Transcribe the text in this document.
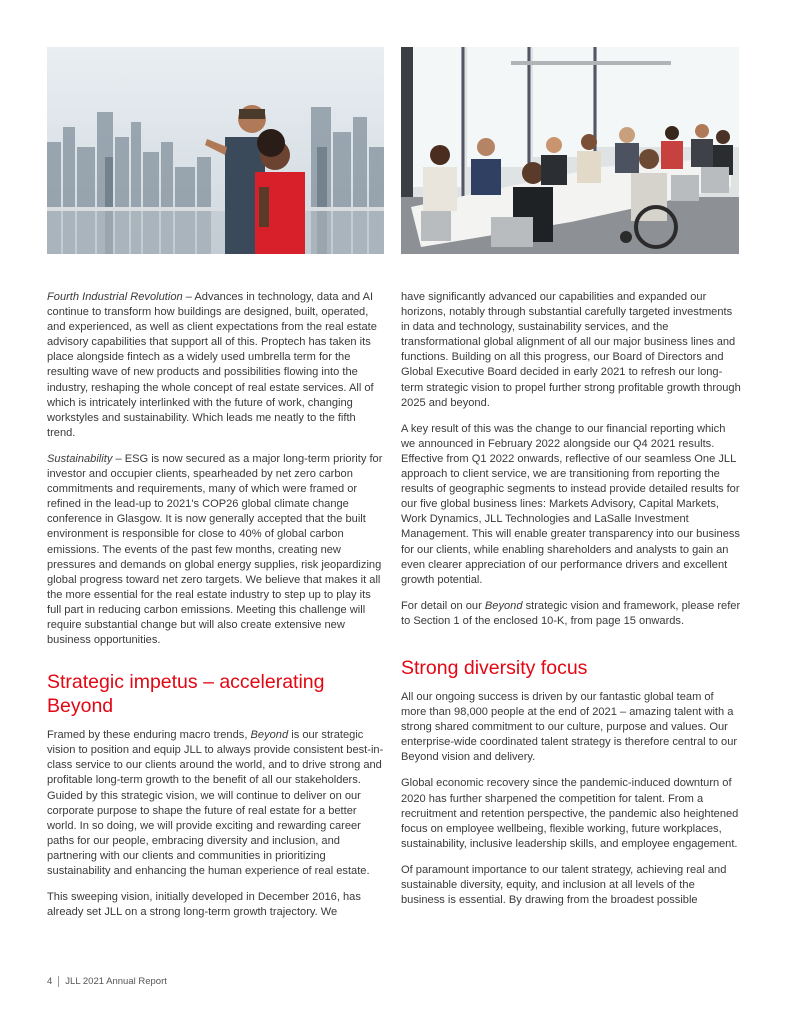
Fourth Industrial Revolution – Advances in technology, data and AI continue to transform how buildings are designed, built, operated, and experienced, as well as client expectations from the real estate advisory capabilities that support all of this. Proptech has taken its place alongside fintech as a widely used umbrella term for the resulting wave of new products and possibilities flowing into the industry, reshaping the whole concept of real estate services. All of which is intricately interlinked with the future of work, changing workstyles and sustainability. Which leads me neatly to the fifth trend.

Sustainability – ESG is now secured as a major long-term priority for investor and occupier clients, spearheaded by net zero carbon commitments and requirements, many of which were framed or refined in the lead-up to 2021's COP26 global climate change conference in Glasgow. It is now generally accepted that the built environment is responsible for close to 40% of global carbon emissions. The events of the past few months, creating new pressures and demands on global energy supplies, risk jeopardizing global progress toward net zero targets. We believe that makes it all the more essential for the real estate industry to step up to play its full part in reducing carbon emissions. Meeting this challenge will require substantial change but will also create extensive new business opportunities.

Strategic impetus – accelerating Beyond

Framed by these enduring macro trends, Beyond is our strategic vision to position and equip JLL to always provide consistent best-in-class service to our clients around the world, and to drive strong and profitable long-term growth to the benefit of all our stakeholders. Guided by this strategic vision, we will continue to deliver on our corporate purpose to shape the future of real estate for a better world. In so doing, we will provide exciting and rewarding career paths for our people, embracing diversity and inclusion, and partnering with our clients and communities in prioritizing sustainability and enhancing the human experience of real estate.

This sweeping vision, initially developed in December 2016, has already set JLL on a strong long-term growth trajectory. We

have significantly advanced our capabilities and expanded our horizons, notably through substantial carefully targeted investments in data and technology, sustainability services, and the transformational global alignment of all our major business lines and functions. Building on all this progress, our Board of Directors and Global Executive Board decided in early 2021 to refresh our long-term strategic vision to propel further strong profitable growth through 2025 and beyond.

A key result of this was the change to our financial reporting which we announced in February 2022 alongside our Q4 2021 results. Effective from Q1 2022 onwards, reflective of our seamless One JLL approach to client service, we are transitioning from reporting the results of geographic segments to instead provide detailed results for our five global business lines: Markets Advisory, Capital Markets, Work Dynamics, JLL Technologies and LaSalle Investment Management. This will enable greater transparency into our business for our clients, while enabling shareholders and analysts to gain an even clearer appreciation of our performance drivers and excellent growth potential.

For detail on our Beyond strategic vision and framework, please refer to Section 1 of the enclosed 10-K, from page 15 onwards.

Strong diversity focus

All our ongoing success is driven by our fantastic global team of more than 98,000 people at the end of 2021 – amazing talent with a strong shared commitment to our culture, purpose and values. Our enterprise-wide coordinated talent strategy is therefore central to our Beyond vision and delivery.

Global economic recovery since the pandemic-induced downturn of 2020 has further sharpened the competition for talent. From a recruitment and retention perspective, the pandemic also heightened focus on employee wellbeing, flexible working, future workplaces, sustainability, inclusive leadership skills, and employee engagement.

Of paramount importance to our talent strategy, achieving real and sustainable diversity, equity, and inclusion at all levels of the business is essential. By drawing from the broadest possible

4 JLL 2021 Annual Report
